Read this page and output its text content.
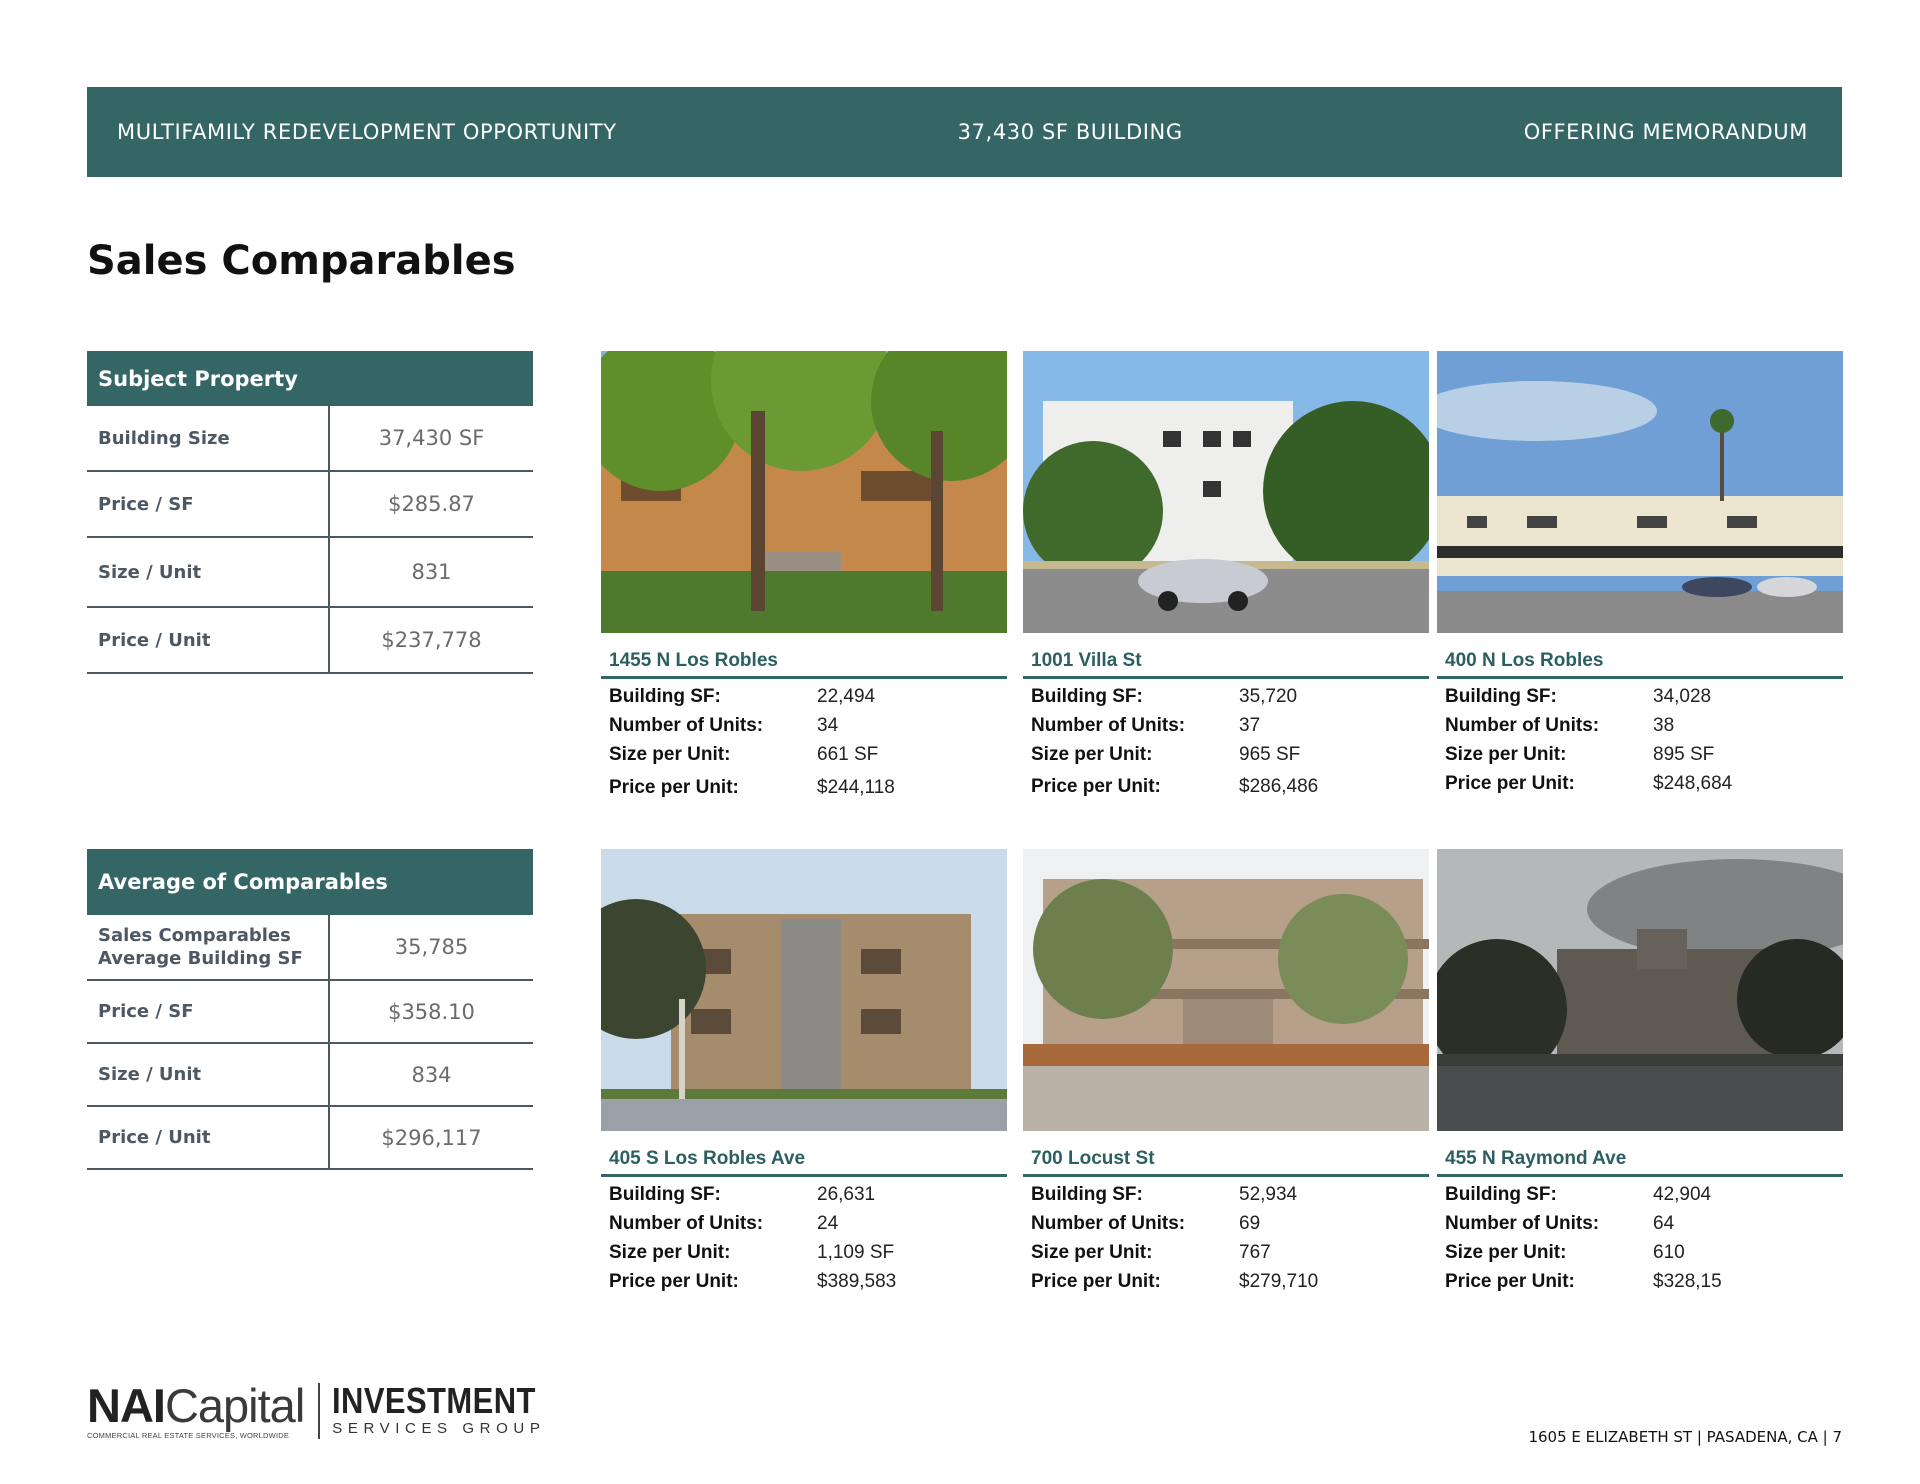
MULTIFAMILY REDEVELOPMENT OPPORTUNITY	37,430 SF BUILDING	OFFERING MEMORANDUM
Sales Comparables
Subject Property
Building Size	37,430 SF
Price / SF	$285.87
Size / Unit	831
Price / Unit	$237,778
Average of Comparables
Sales Comparables Average Building SF	35,785
Price / SF	$358.10
Size / Unit	834
Price / Unit	$296,117
1455 N Los Robles
Building SF:	22,494
Number of Units:	34
Size per Unit:	661 SF
Price per Unit:	$244,118
1001 Villa St
Building SF:	35,720
Number of Units:	37
Size per Unit:	965 SF
Price per Unit:	$286,486
400 N Los Robles
Building SF:	34,028
Number of Units:	38
Size per Unit:	895 SF
Price per Unit:	$248,684
405 S Los Robles Ave
Building SF:	26,631
Number of Units:	24
Size per Unit:	1,109 SF
Price per Unit:	$389,583
700 Locust St
Building SF:	52,934
Number of Units:	69
Size per Unit:	767
Price per Unit:	$279,710
455 N Raymond Ave
Building SF:	42,904
Number of Units:	64
Size per Unit:	610
Price per Unit:	$328,15
NAICapital
COMMERCIAL REAL ESTATE SERVICES, WORLDWIDE
INVESTMENT
SERVICES GROUP	1605 E ELIZABETH ST | PASADENA, CA | 7
